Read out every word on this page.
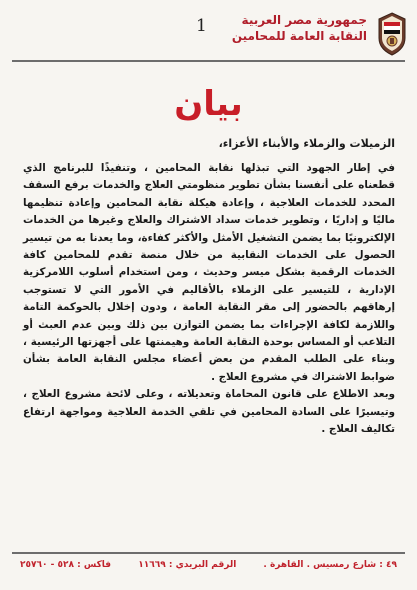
جمهورية مصر العربية
النقابة العامة للمحامين
1
بيان
الزميلات والزملاء والأبناء الأعزاء،

في إطار الجهود التي تبذلها نقابة المحامين ، وتنفيذًا للبرنامج الذي قطعناه على أنفسنا بشأن تطوير منظومتي العلاج والخدمات برفع السقف المحدد للخدمات العلاجية ، وإعادة هيكلة نقابة المحامين وإعادة تنظيمها ماليًا و إداريًا ، وتطوير خدمات سداد الاشتراك والعلاج وغيرها من الخدمات الإلكترونيًا بما يضمن التشغيل الأمثل والأكثر كفاءة، وما يعدنا به من تيسير الحصول على الخدمات النقابية من خلال منصة تقدم للمحامين كافة الخدمات الرقمية بشكل ميسر وحديث ، ومن استخدام أسلوب اللامركزية الإدارية ، للتيسير على الزملاء بالأقاليم في الأمور التي لا تستوجب إرهاقهم بالحضور إلى مقر النقابة العامة ، ودون إخلال بالحوكمة التامة واللازمة لكافة الإجراءات بما يضمن التوازن بين ذلك وبين عدم العبث أو التلاعب أو المساس بوحدة النقابة العامة وهيمنتها على أجهزتها الرئيسية ، وبناء على الطلب المقدم من بعض أعضاء مجلس النقابة العامة بشأن ضوابط الاشتراك في مشروع العلاج .

وبعد الاطلاع على قانون المحاماة وتعديلاته ، وعلى لائحة مشروع العلاج ، وتيسيرًا على السادة المحامين في تلقي الخدمة العلاجية ومواجهة ارتفاع تكاليف العلاج .

٤٩ : شارع رمسيس . القاهرة .
الرقم البريدي : ١١٦٦٩
فاكس : ٥٢٨ - ٢٥٧٦٠
